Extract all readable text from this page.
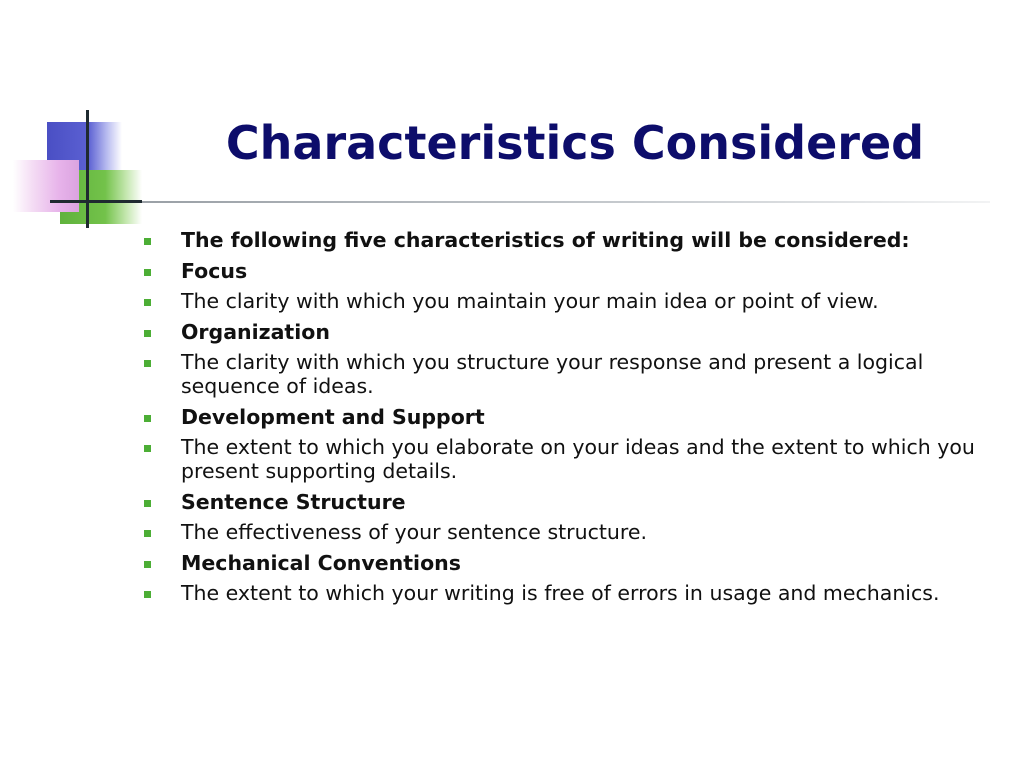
Characteristics Considered
The following five characteristics of writing will be considered:
Focus
The clarity with which you maintain your main idea or point of view.
Organization
The clarity with which you structure your response and present a logical sequence of ideas.
Development and Support
The extent to which you elaborate on your ideas and the extent to which you present supporting details.
Sentence Structure
The effectiveness of your sentence structure.
Mechanical Conventions
The extent to which your writing is free of errors in usage and mechanics.
